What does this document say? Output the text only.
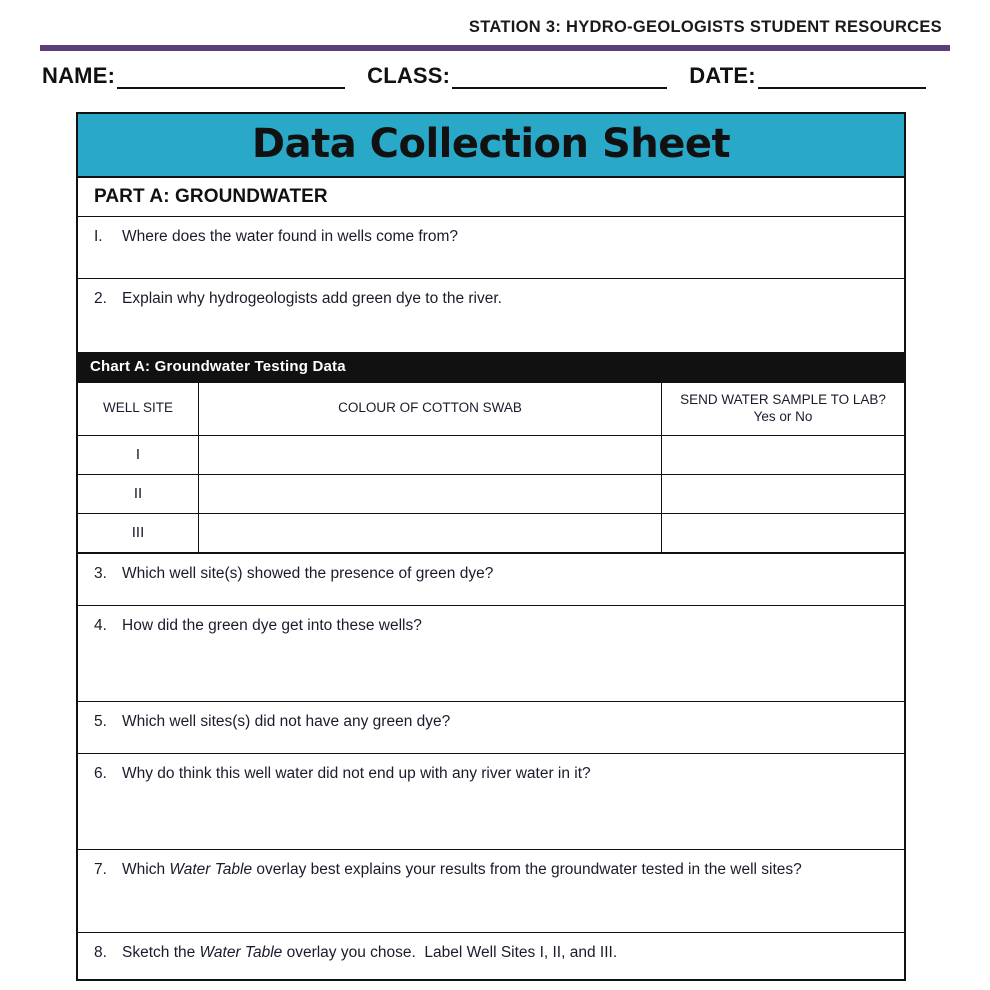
STATION 3: HYDRO-GEOLOGISTS STUDENT RESOURCES
NAME:	CLASS:	DATE:
Data Collection Sheet
PART A: GROUNDWATER
I.	Where does the water found in wells come from?
2. Explain why hydrogeologists add green dye to the river.
Chart A: Groundwater Testing Data
WELL SITE	COLOUR OF COTTON SWAB	SEND WATER SAMPLE TO LAB?
Yes or No

I		
II		
III		
3. Which well site(s) showed the presence of green dye?
4. How did the green dye get into these wells?
5. Which well sites(s) did not have any green dye?
6. Why do think this well water did not end up with any river water in it?
7. Which Water Table overlay best explains your results from the groundwater tested in the well sites?
8. Sketch the Water Table overlay you chose.  Label Well Sites I, II, and III.
